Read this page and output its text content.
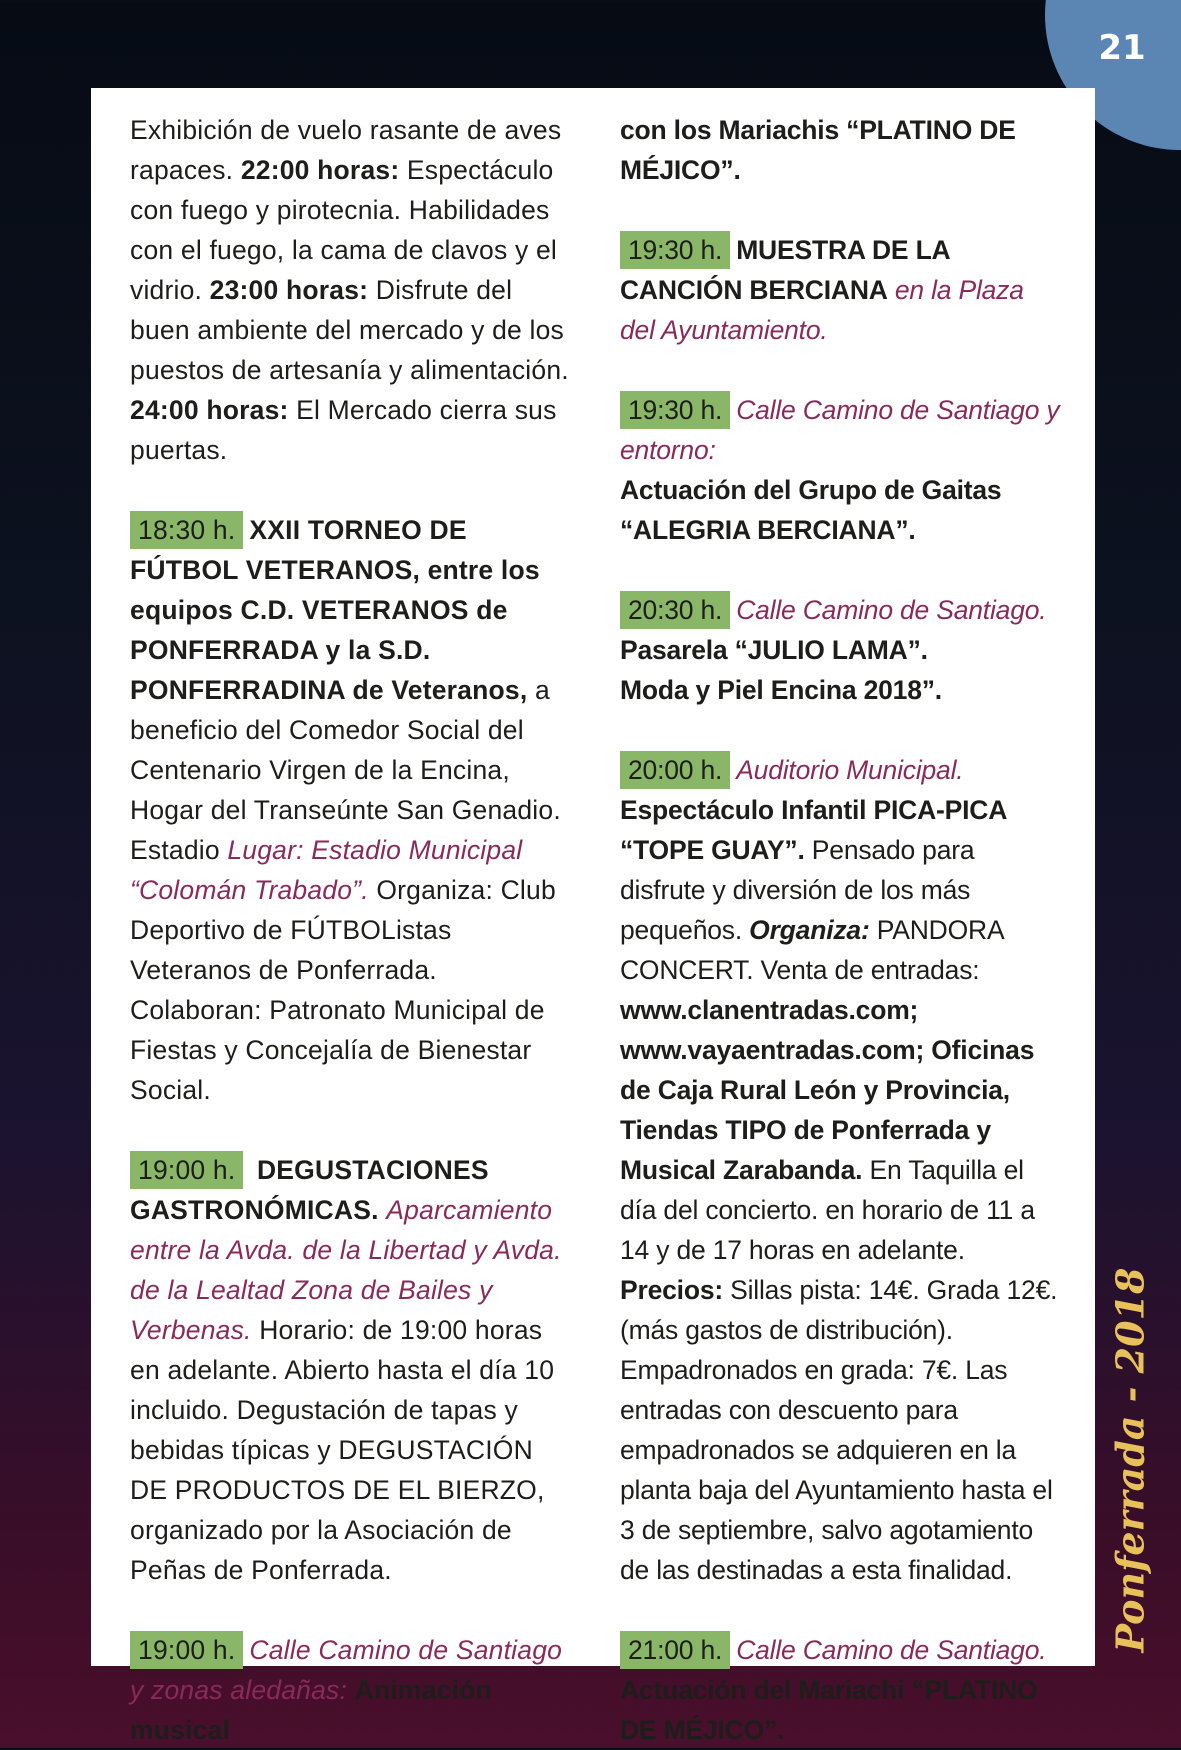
21

Exhibición de vuelo rasante de aves rapaces. 22:00 horas: Espectáculo con fuego y pirotecnia. Habilidades con el fuego, la cama de clavos y el vidrio. 23:00 horas: Disfrute del buen ambiente del mercado y de los puestos de artesanía y alimentación. 24:00 horas: El Mercado cierra sus puertas.

18:30 h. XXII TORNEO DE FÚTBOL VETERANOS, entre los equipos C.D. VETERANOS de PONFERRADA y la S.D. PONFERRADINA de Veteranos, a beneficio del Comedor Social del Centenario Virgen de la Encina, Hogar del Transeúnte San Genadio. Estadio Lugar: Estadio Municipal “Colomán Trabado”. Organiza: Club Deportivo de FÚTBOListas Veteranos de Ponferrada. Colaboran: Patronato Municipal de Fiestas y Concejalía de Bienestar Social.

19:00 h. DEGUSTACIONES GASTRONÓMICAS. Aparcamiento entre la Avda. de la Libertad y Avda. de la Lealtad Zona de Bailes y Verbenas. Horario: de 19:00 horas en adelante. Abierto hasta el día 10 incluido. Degustación de tapas y bebidas típicas y DEGUSTACIÓN DE PRODUCTOS DE EL BIERZO, organizado por la Asociación de Peñas de Ponferrada.

19:00 h. Calle Camino de Santiago y zonas aledañas: Animación musical

con los Mariachis “PLATINO DE MÉJICO”.

19:30 h. MUESTRA DE LA CANCIÓN BERCIANA en la Plaza del Ayuntamiento.

19:30 h. Calle Camino de Santiago y entorno:
Actuación del Grupo de Gaitas “ALEGRIA BERCIANA”.

20:30 h. Calle Camino de Santiago.
Pasarela “JULIO LAMA”.
Moda y Piel Encina 2018”.

20:00 h. Auditorio Municipal. Espectáculo Infantil PICA-PICA “TOPE GUAY”. Pensado para disfrute y diversión de los más pequeños. Organiza: PANDORA CONCERT. Venta de entradas: www.clanentradas.com; www.vayaentradas.com; Oficinas de Caja Rural León y Provincia, Tiendas TIPO de Ponferrada y Musical Zarabanda. En Taquilla el día del concierto. en horario de 11 a 14 y de 17 horas en adelante. Precios: Sillas pista: 14€. Grada 12€. (más gastos de distribución). Empadronados en grada: 7€. Las entradas con descuento para empadronados se adquieren en la planta baja del Ayuntamiento hasta el 3 de septiembre, salvo agotamiento de las destinadas a esta finalidad.

21:00 h. Calle Camino de Santiago.
Actuación del Mariachi “PLATINO DE MÉJICO”.

Ponferrada - 2018
